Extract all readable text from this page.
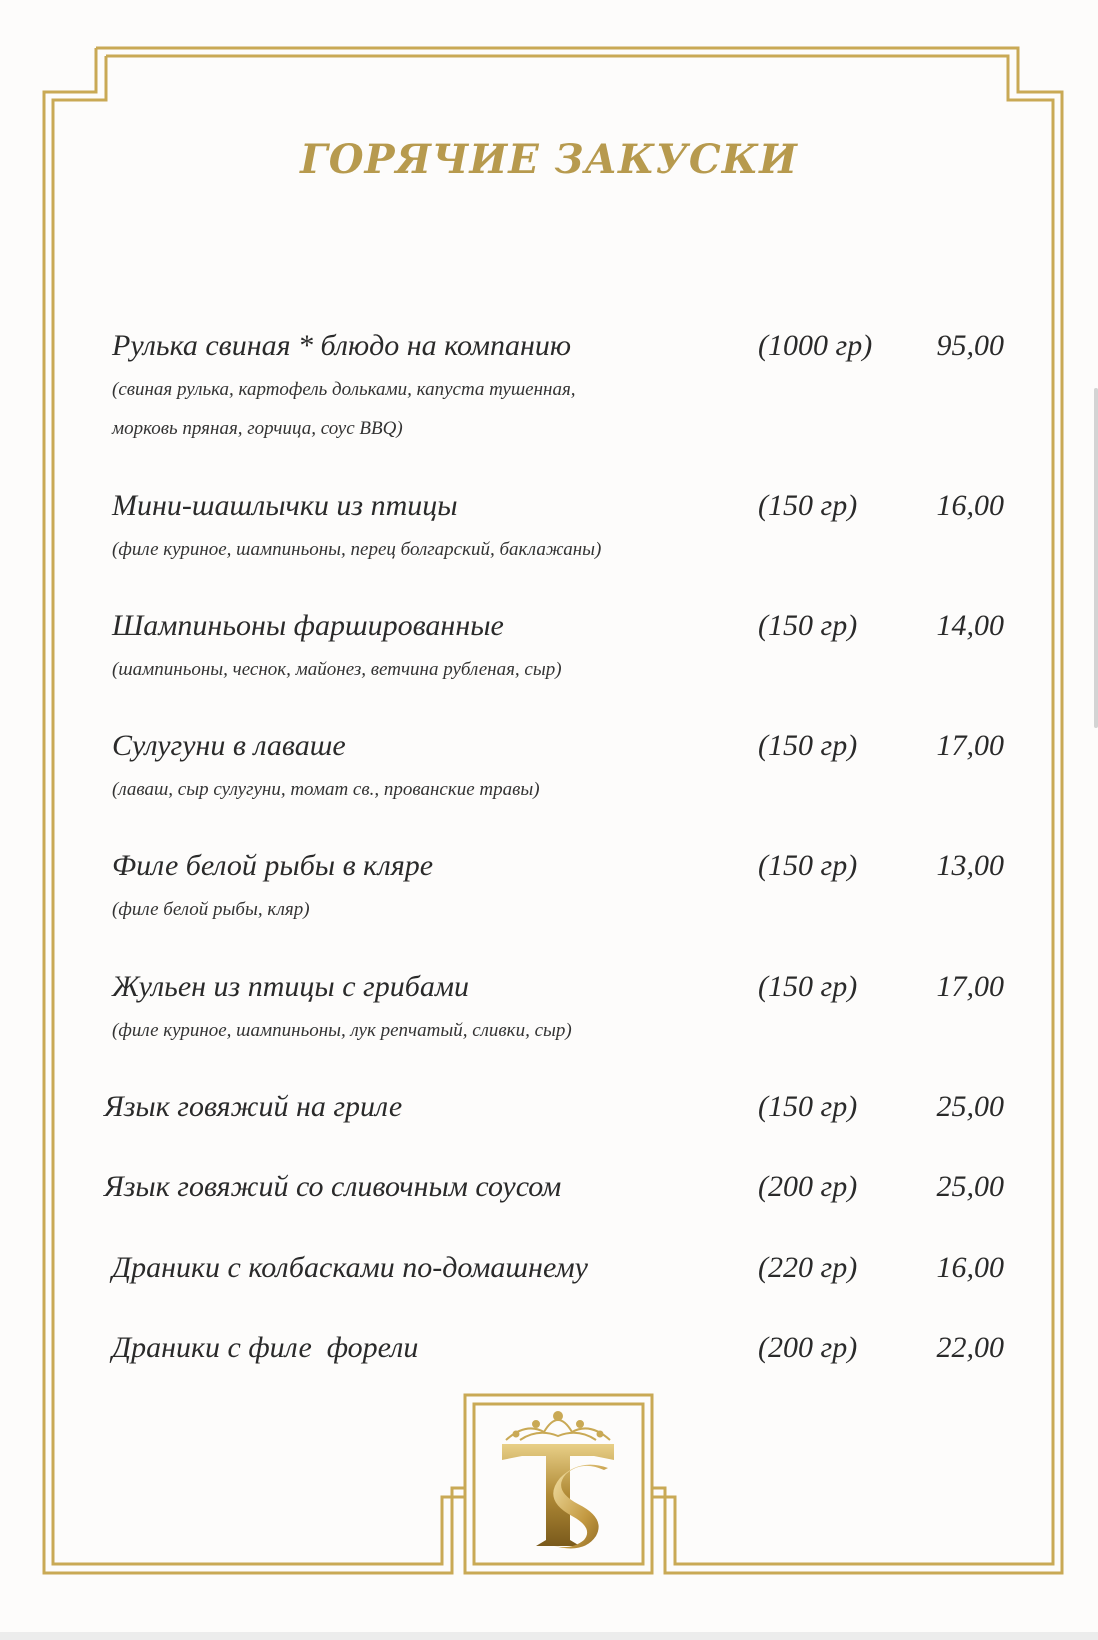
ГОРЯЧИЕ ЗАКУСКИ
Рулька свиная * блюдо на компанию	(1000 гр) 95,00
(свиная рулька, картофель дольками, капуста тушенная,
морковь пряная, горчица, соус BBQ)
Мини-шашлычки из птицы	(150 гр)	16,00
(филе куриное, шампиньоны, перец болгарский, баклажаны)
Шампиньоны фаршированные	(150 гр)	14,00
(шампиньоны, чеснок, майонез, ветчина рубленая, сыр)
Сулугуни в лаваше	(150 гр)	17,00
(лаваш, сыр сулугуни, томат св., прованские травы)
Филе белой рыбы в кляре	(150 гр)	13,00
(филе белой рыбы, кляр)
Жульен из птицы с грибами	(150 гр)	17,00
(филе куриное, шампиньоны, лук репчатый, сливки, сыр)
Язык говяжий на гриле	(150 гр)	25,00
Язык говяжий со сливочным соусом	(200 гр)	25,00
Драники с колбасками по-домашнему	(220 гр)	16,00
Драники с филе  форели	(200 гр)	22,00
